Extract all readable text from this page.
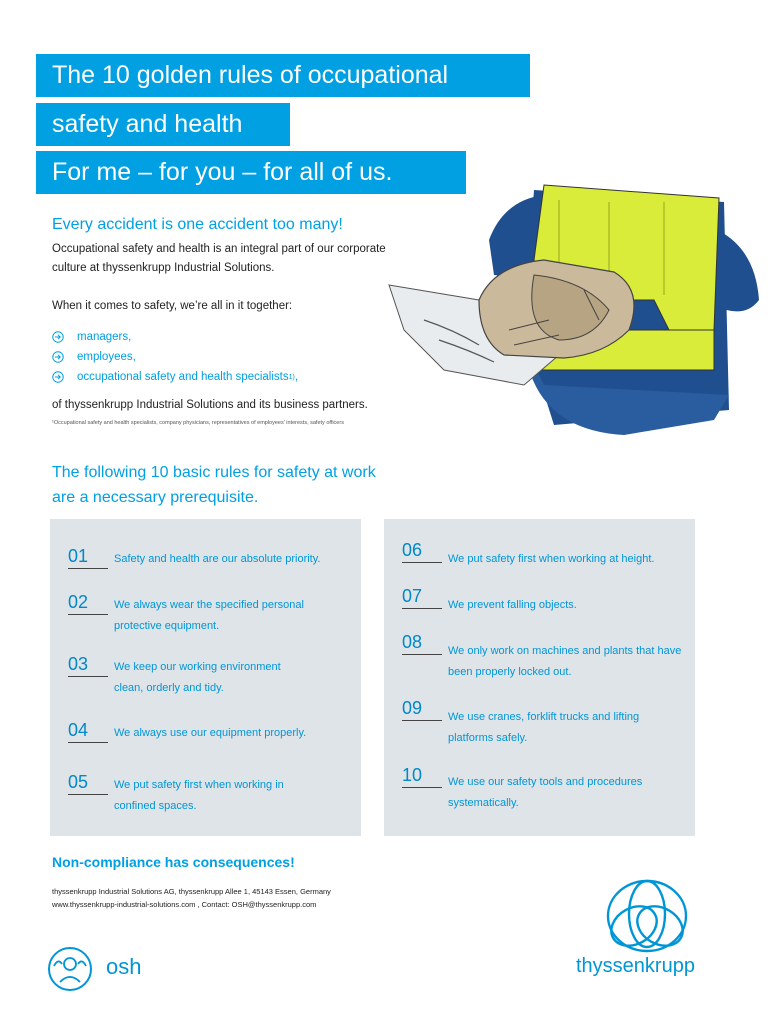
The 10 golden rules of occupational
safety and health
For me – for you – for all of us.
Every accident is one accident too many!
Occupational safety and health is an integral part of our corporate culture at thyssenkrupp Industrial Solutions.
When it comes to safety, we’re all in it together:
managers,
employees,
occupational safety and health specialists 1) ,
of thyssenkrupp Industrial Solutions and its business partners.
¹Occupational safety and health specialists, company physicians, representatives of employees’ interests, safety officers
The following 10 basic rules for safety at work
are a necessary prerequisite.
01	Safety and health are our absolute priority.
02	We always wear the specified personal protective equipment.
03	We keep our working environment clean, orderly and tidy.
04	We always use our equipment properly.
05	We put safety first when working in confined spaces.
06	We put safety first when working at height.
07	We prevent falling objects.
08	We only work on machines and plants that have been properly locked out.
09	We use cranes, forklift trucks and lifting platforms safely.
10	We use our safety tools and procedures systematically.
Non-compliance has consequences!
thyssenkrupp Industrial Solutions AG, thyssenkrupp Allee 1, 45143 Essen, Germany
www.thyssenkrupp-industrial-solutions.com , Contact: OSH@thyssenkrupp.com
osh	thyssenkrupp
